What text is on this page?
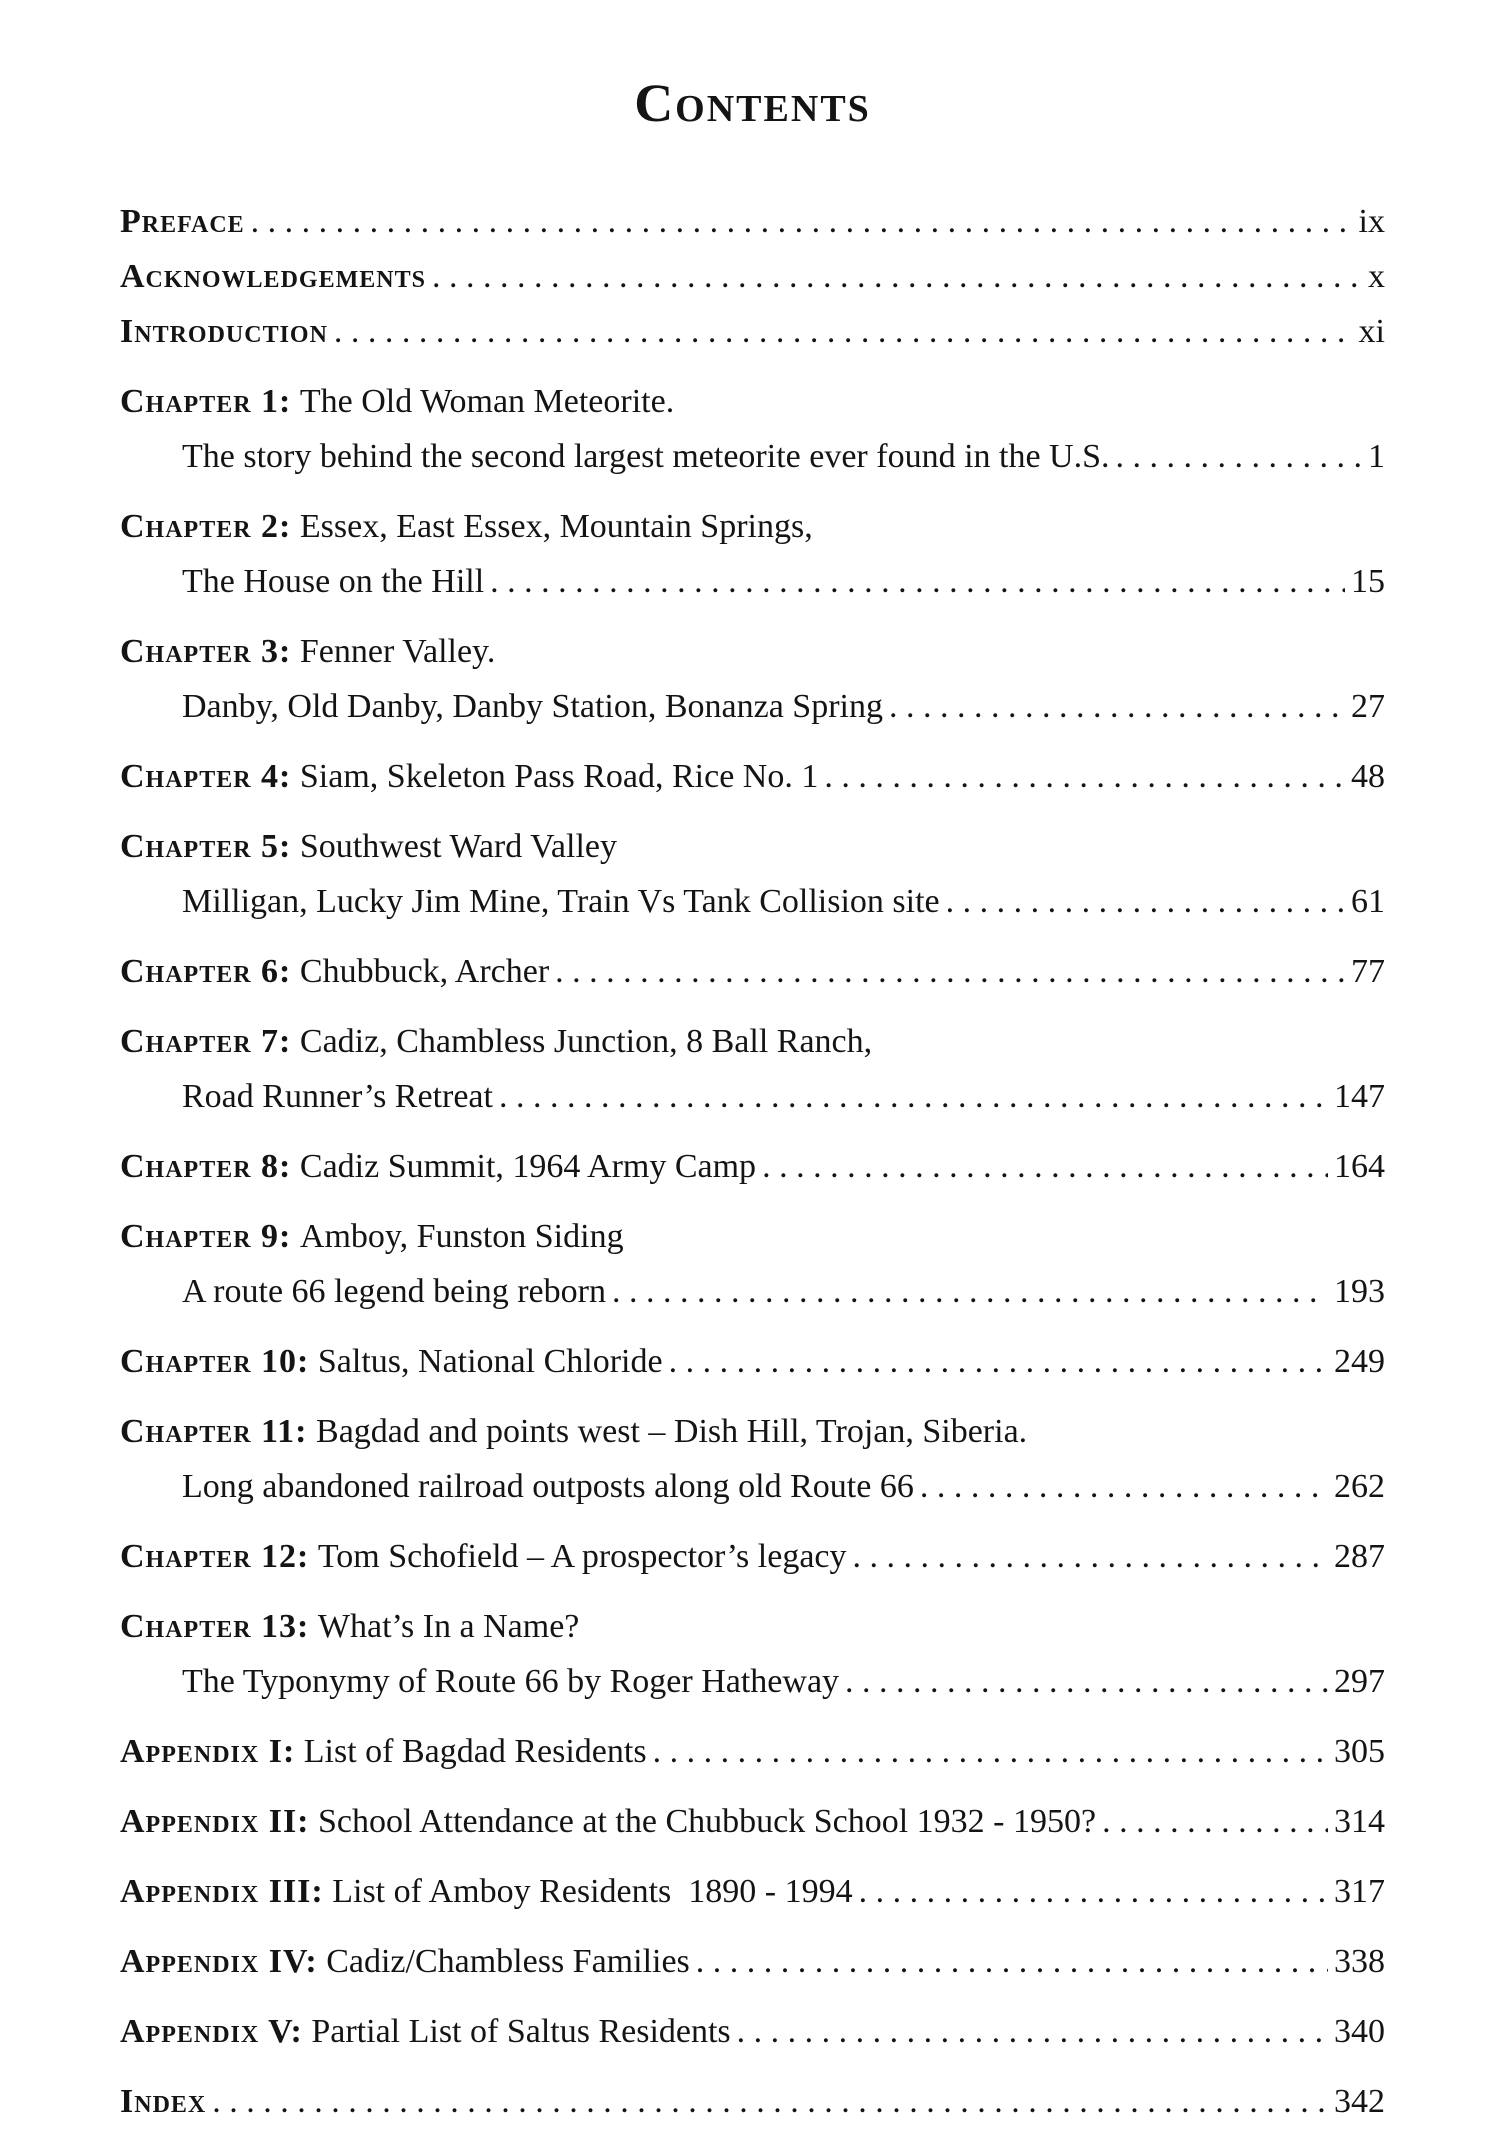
Contents
Preface . . .	ix
Acknowledgements . . .	x
Introduction . . .	xi
Chapter 1:
The Old Woman Meteorite.
The story behind the second largest meteorite ever found in the U.S. . . .	1
Chapter 2:
Essex, East Essex, Mountain Springs,
The House on the Hill . . .	15
Chapter 3:
Fenner Valley.
Danby, Old Danby, Danby Station, Bonanza Spring . . .	27
Chapter 4:
Siam, Skeleton Pass Road, Rice No. 1 . . .	48
Chapter 5:
Southwest Ward Valley
Milligan, Lucky Jim Mine, Train Vs Tank Collision site . . .	61
Chapter 6:
Chubbuck, Archer . . .	77
Chapter 7:
Cadiz, Chambless Junction, 8 Ball Ranch,
Road Runner’s Retreat . . .	147
Chapter 8:
Cadiz Summit, 1964 Army Camp . . .	164
Chapter 9:
Amboy, Funston Siding
A route 66 legend being reborn . . .	193
Chapter 10:
Saltus, National Chloride . . .	249
Chapter 11:
Bagdad and points west – Dish Hill, Trojan, Siberia.
Long abandoned railroad outposts along old Route 66 . . .	262
Chapter 12:
Tom Schofield – A prospector’s legacy . . .	287
Chapter 13:
What’s In a Name?
The Typonymy of Route 66 by Roger Hatheway . . .	297
Appendix I:
List of Bagdad Residents . . .	305
Appendix II:
School Attendance at the Chubbuck School 1932 - 1950? . . .	314
Appendix III:
List of Amboy Residents  1890 - 1994 . . .	317
Appendix IV:
Cadiz/Chambless Families . . .	338
Appendix V:
Partial List of Saltus Residents . . .	340
Index . . .	342
